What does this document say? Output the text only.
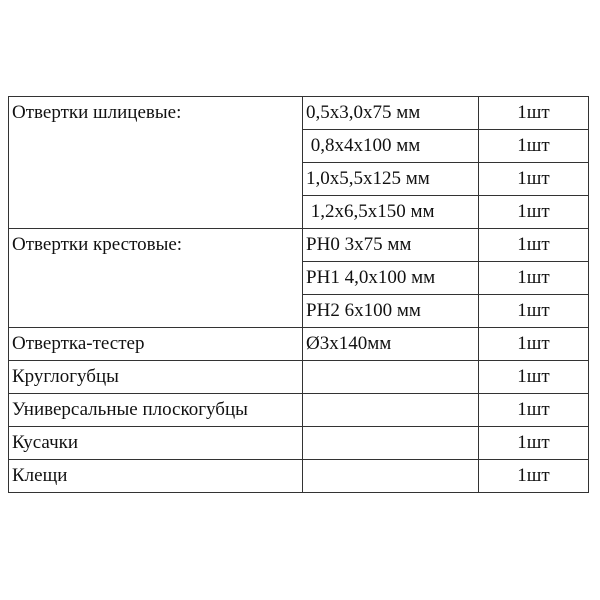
Отвертки шлицевые:	0,5х3,0х75 мм	1шт
	0,8х4х100 мм	1шт
	1,0х5,5х125 мм	1шт
	1,2х6,5х150 мм	1шт
Отвертки крестовые:	PH0 3х75 мм	1шт
	PH1 4,0х100 мм	1шт
	PH2 6х100 мм	1шт
Отвертка-тестер	Ø3х140мм	1шт
Круглогубцы		1шт
Универсальные плоскогубцы		1шт
Кусачки		1шт
Клещи		1шт
